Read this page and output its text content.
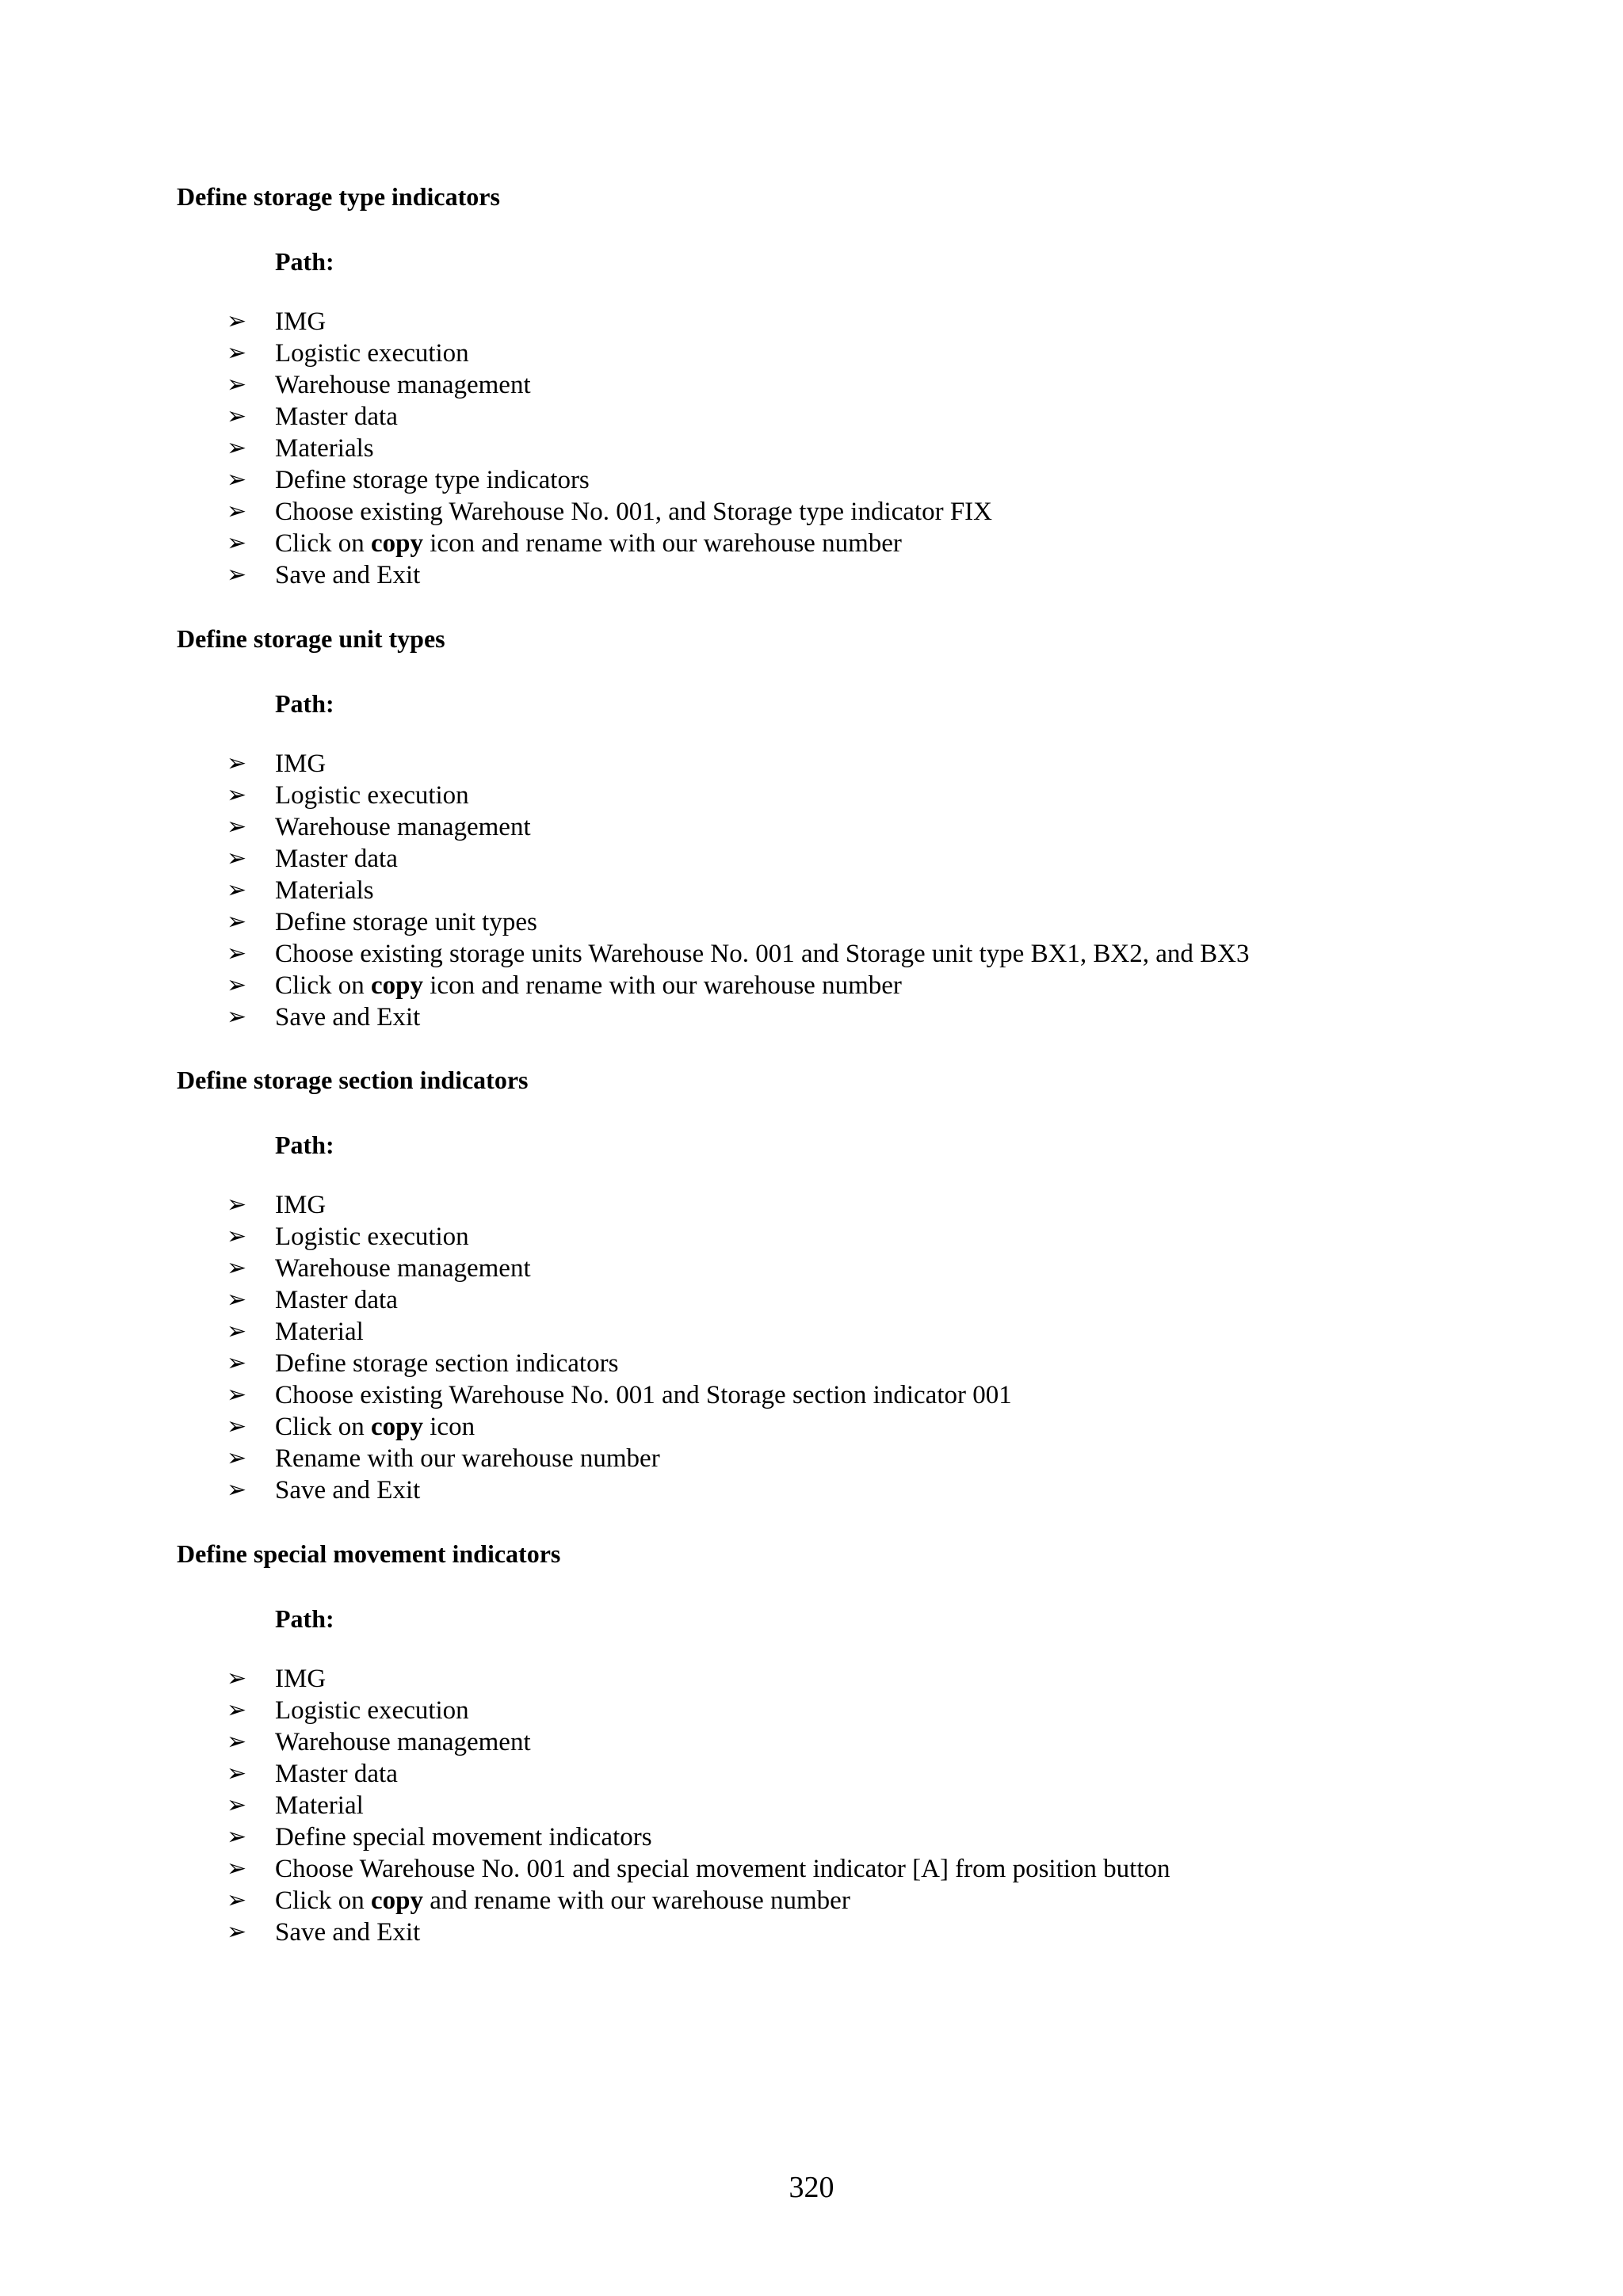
Define storage type indicators
Path:
➢	IMG
➢	Logistic execution
➢	Warehouse management
➢	Master data
➢	Materials
➢	Define storage type indicators
➢	Choose existing Warehouse No. 001, and Storage type indicator FIX
➢	Click on copy icon and rename with our warehouse number
➢	Save and Exit
Define storage unit types
Path:
➢	IMG
➢	Logistic execution
➢	Warehouse management
➢	Master data
➢	Materials
➢	Define storage unit types
➢	Choose existing storage units Warehouse No. 001 and Storage unit type BX1, BX2, and BX3
➢	Click on copy icon and rename with our warehouse number
➢	Save and Exit
Define storage section indicators
Path:
➢	IMG
➢	Logistic execution
➢	Warehouse management
➢	Master data
➢	Material
➢	Define storage section indicators
➢	Choose existing Warehouse No. 001 and Storage section indicator 001
➢	Click on copy icon
➢	Rename with our warehouse number
➢	Save and Exit
Define special movement indicators
Path:
➢	IMG
➢	Logistic execution
➢	Warehouse management
➢	Master data
➢	Material
➢	Define special movement indicators
➢	Choose Warehouse No. 001 and special movement indicator [A] from position button
➢	Click on copy and rename with our warehouse number
➢	Save and Exit
320
